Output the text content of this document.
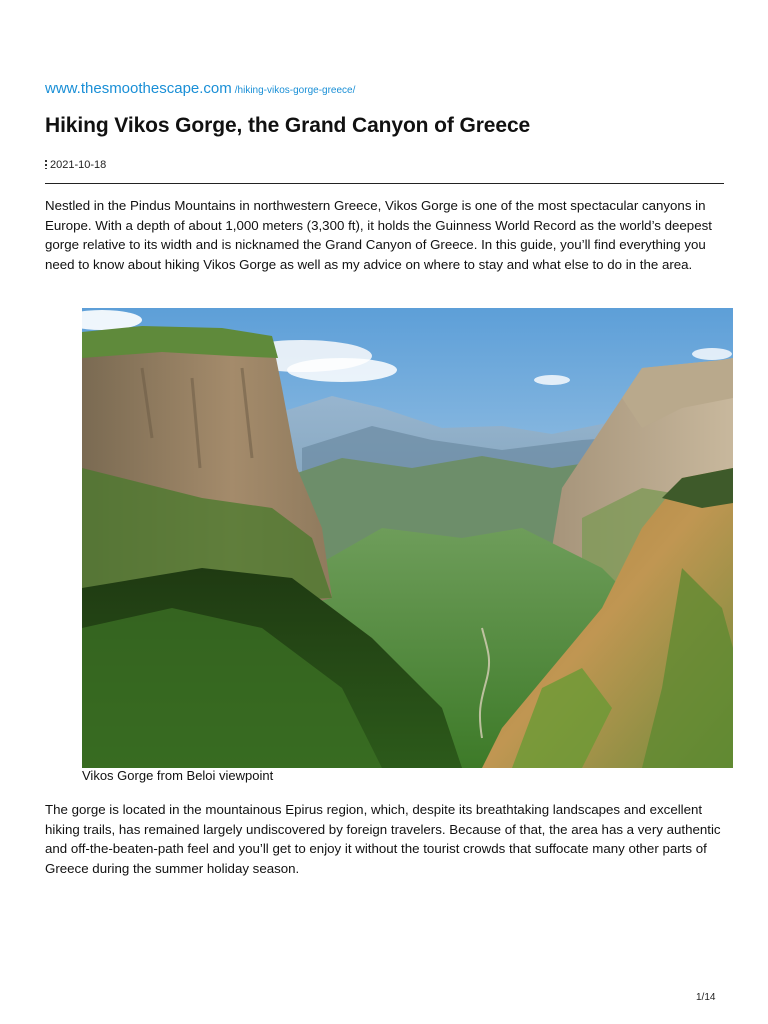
www.thesmoothescape.com /hiking-vikos-gorge-greece/
Hiking Vikos Gorge, the Grand Canyon of Greece
2021-10-18

Nestled in the Pindus Mountains in northwestern Greece, Vikos Gorge is one of the most spectacular canyons in Europe. With a depth of about 1,000 meters (3,300 ft), it holds the Guinness World Record as the world’s deepest gorge relative to its width and is nicknamed the Grand Canyon of Greece. In this guide, you’ll find everything you need to know about hiking Vikos Gorge as well as my advice on where to stay and what else to do in the area.

Vikos Gorge from Beloi viewpoint

The gorge is located in the mountainous Epirus region, which, despite its breathtaking landscapes and excellent hiking trails, has remained largely undiscovered by foreign travelers. Because of that, the area has a very authentic and off-the-beaten-path feel and you’ll get to enjoy it without the tourist crowds that suffocate many other parts of Greece during the summer holiday season.

1/14
